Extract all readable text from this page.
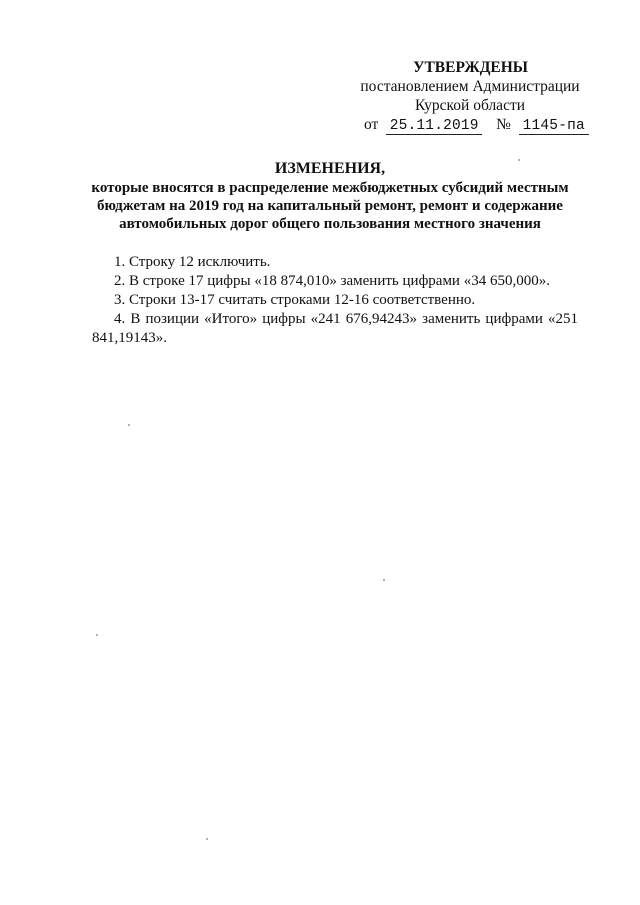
УТВЕРЖДЕНЫ
постановлением Администрации
Курской области
от 25.11.2019 № 1145-па
ИЗМЕНЕНИЯ,
которые вносятся в распределение межбюджетных субсидий местным
бюджетам на 2019 год на капитальный ремонт, ремонт и содержание
автомобильных дорог общего пользования местного значения
1. Строку 12 исключить.
2. В строке 17 цифры «18 874,010» заменить цифрами «34 650,000».
3. Строки 13-17 считать строками 12-16 соответственно.
4. В позиции «Итого» цифры «241 676,94243» заменить цифрами «251 841,19143».
